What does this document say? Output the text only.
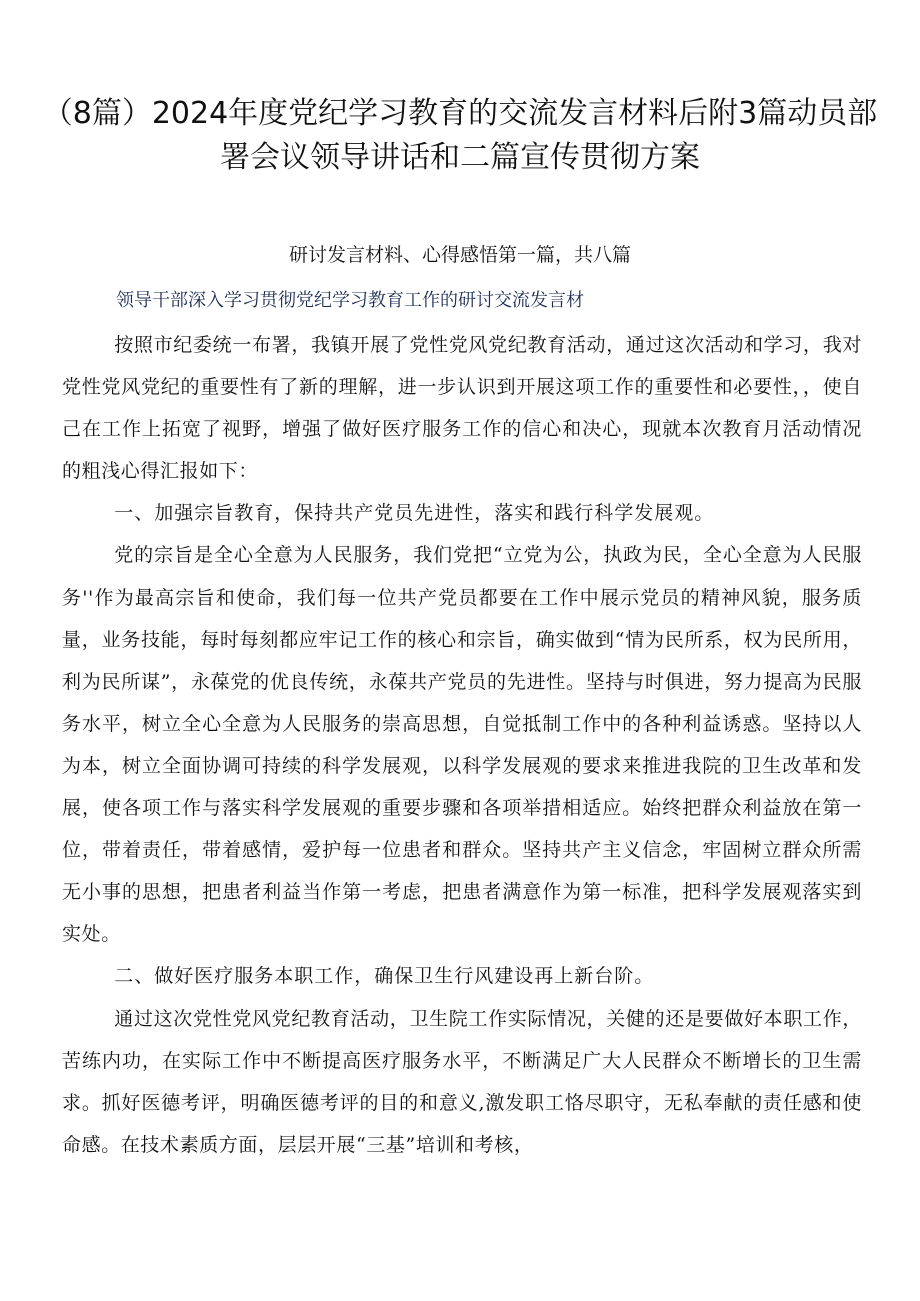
（8篇）2024年度党纪学习教育的交流发言材料后附3篇动员部署会议领导讲话和二篇宣传贯彻方案
研讨发言材料、心得感悟第一篇，共八篇
领导干部深入学习贯彻党纪学习教育工作的研讨交流发言材

按照市纪委统一布署，我镇开展了党性党风党纪教育活动，通过这次活动和学习，我对党性党风党纪的重要性有了新的理解，进一步认识到开展这项工作的重要性和必要性，，使自己在工作上拓宽了视野，增强了做好医疗服务工作的信心和决心，现就本次教育月活动情况的粗浅心得汇报如下：

一、加强宗旨教育，保持共产党员先进性，落实和践行科学发展观。

党的宗旨是全心全意为人民服务，我们党把“立党为公，执政为民，全心全意为人民服务''作为最高宗旨和使命，我们每一位共产党员都要在工作中展示党员的精神风貌，服务质量，业务技能，每时每刻都应牢记工作的核心和宗旨，确实做到“情为民所系，权为民所用，利为民所谋”，永葆党的优良传统，永葆共产党员的先进性。坚持与时俱进，努力提高为民服务水平，树立全心全意为人民服务的崇高思想，自觉抵制工作中的各种利益诱惑。坚持以人为本，树立全面协调可持续的科学发展观，以科学发展观的要求来推进我院的卫生改革和发展，使各项工作与落实科学发展观的重要步骤和各项举措相适应。始终把群众利益放在第一位，带着责任，带着感情，爱护每一位患者和群众。坚持共产主义信念，牢固树立群众所需无小事的思想，把患者利益当作第一考虑，把患者满意作为第一标准，把科学发展观落实到实处。

二、做好医疗服务本职工作，确保卫生行风建设再上新台阶。

通过这次党性党风党纪教育活动，卫生院工作实际情况，关健的还是要做好本职工作，苦练内功，在实际工作中不断提高医疗服务水平，不断满足广大人民群众不断增长的卫生需求。抓好医德考评，明确医德考评的目的和意义,激发职工恪尽职守，无私奉献的责任感和使命感。在技术素质方面，层层开展“三基”培训和考核，
